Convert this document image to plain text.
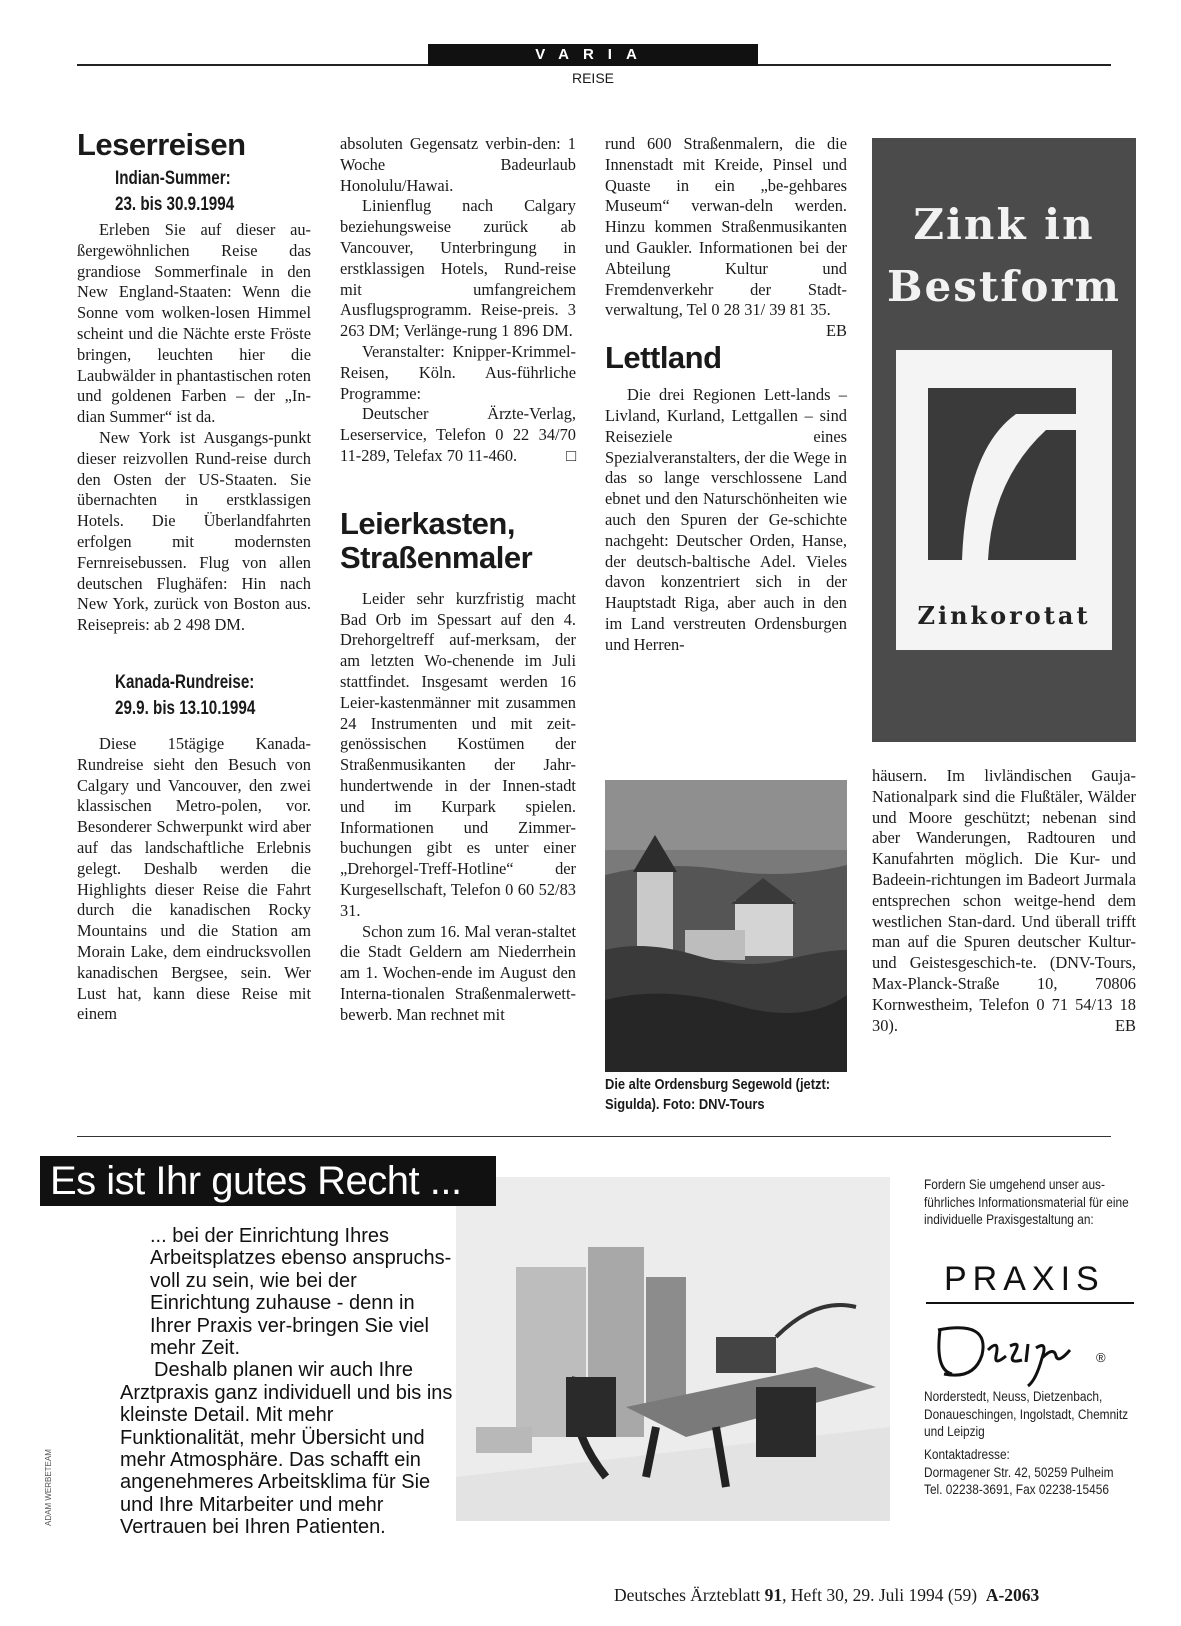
VARIA
REISE
Leserreisen
Indian-Summer:
23. bis 30.9.1994

Erleben Sie auf dieser au-ßergewöhnlichen Reise das grandiose Sommerfinale in den New England-Staaten: Wenn die Sonne vom wolken-losen Himmel scheint und die Nächte erste Fröste bringen, leuchten hier die Laubwälder in phantastischen roten und goldenen Farben – der „In-dian Summer“ ist da.

New York ist Ausgangs-punkt dieser reizvollen Rund-reise durch den Osten der US-Staaten. Sie übernachten in erstklassigen Hotels. Die Überlandfahrten erfolgen mit modernsten Fernreisebussen. Flug von allen deutschen Flughäfen: Hin nach New York, zurück von Boston aus. Reisepreis: ab 2 498 DM.

Kanada-Rundreise:
29.9. bis 13.10.1994

Diese 15tägige Kanada-Rundreise sieht den Besuch von Calgary und Vancouver, den zwei klassischen Metro-polen, vor. Besonderer Schwerpunkt wird aber auf das landschaftliche Erlebnis gelegt. Deshalb werden die Highlights dieser Reise die Fahrt durch die kanadischen Rocky Mountains und die Station am Morain Lake, dem eindrucksvollen kanadischen Bergsee, sein. Wer Lust hat, kann diese Reise mit einem

absoluten Gegensatz verbin-den: 1 Woche Badeurlaub Honolulu/Hawai.

Linienflug nach Calgary beziehungsweise zurück ab Vancouver, Unterbringung in erstklassigen Hotels, Rund-reise mit umfangreichem Ausflugsprogramm. Reise-preis. 3 263 DM; Verlänge-rung 1 896 DM.

Veranstalter: Knipper-Krimmel-Reisen, Köln. Aus-führliche Programme:

Deutscher Ärzte-Verlag, Leserservice, Telefon 0 22 34/70 11-289, Telefax 70 11-460.	□

Leierkasten,
Straßenmaler

Leider sehr kurzfristig macht Bad Orb im Spessart auf den 4. Drehorgeltreff auf-merksam, der am letzten Wo-chenende im Juli stattfindet. Insgesamt werden 16 Leier-kastenmänner mit zusammen 24 Instrumenten und mit zeit-genössischen Kostümen der Straßenmusikanten der Jahr-hundertwende in der Innen-stadt und im Kurpark spielen. Informationen und Zimmer-buchungen gibt es unter einer „Drehorgel-Treff-Hotline“ der Kurgesellschaft, Telefon 0 60 52/83 31.

Schon zum 16. Mal veran-staltet die Stadt Geldern am Niederrhein am 1. Wochen-ende im August den Interna-tionalen Straßenmalerwett-bewerb. Man rechnet mit

rund 600 Straßenmalern, die die Innenstadt mit Kreide, Pinsel und Quaste in ein „be-gehbares Museum“ verwan-deln werden. Hinzu kommen Straßenmusikanten und Gaukler. Informationen bei der Abteilung Kultur und Fremdenverkehr der Stadt-verwaltung, Tel 0 28 31/ 39 81 35.
EB

Lettland

Die drei Regionen Lett-lands – Livland, Kurland, Lettgallen – sind Reiseziele eines Spezialveranstalters, der die Wege in das so lange verschlossene Land ebnet und den Naturschönheiten wie auch den Spuren der Ge-schichte nachgeht: Deutscher Orden, Hanse, der deutsch-baltische Adel. Vieles davon konzentriert sich in der Hauptstadt Riga, aber auch in den im Land verstreuten Ordensburgen und Herren-

Die alte Ordensburg Segewold (jetzt: Sigulda). Foto: DNV-Tours
Zink in
Bestform
Zinkorotat

häusern. Im livländischen Gauja-Nationalpark sind die Flußtäler, Wälder und Moore geschützt; nebenan sind aber Wanderungen, Radtouren und Kanufahrten möglich. Die Kur- und Badeein-richtungen im Badeort Jurmala entsprechen schon weitge-hend dem westlichen Stan-dard. Und überall trifft man auf die Spuren deutscher Kultur- und Geistesgeschich-te. (DNV-Tours, Max-Planck-Straße 10, 70806 Kornwestheim, Telefon 0 71 54/13 18 30).	EB

Es ist Ihr gutes Recht ...

... bei der Einrichtung Ihres Arbeitsplatzes ebenso anspruchs-voll zu sein, wie bei der Einrichtung zuhause - denn in Ihrer Praxis ver-bringen Sie viel mehr Zeit.

Deshalb planen wir auch Ihre Arztpraxis ganz individuell und bis ins kleinste Detail. Mit mehr Funktionalität, mehr Übersicht und mehr Atmosphäre. Das schafft ein angenehmeres Arbeitsklima für Sie und Ihre Mitarbeiter und mehr Vertrauen bei Ihren Patienten.

Fordern Sie umgehend unser aus-führliches Informationsmaterial für eine individuelle Praxisgestaltung an:
PRAXIS
®
Norderstedt, Neuss, Dietzenbach, Donaueschingen, Ingolstadt, Chemnitz und Leipzig
Kontaktadresse:
Dormagener Str. 42, 50259 Pulheim
Tel. 02238-3691, Fax 02238-15456
ADAM WERBETEAM
Deutsches Ärzteblatt 91, Heft 30, 29. Juli 1994 (59) A-2063
